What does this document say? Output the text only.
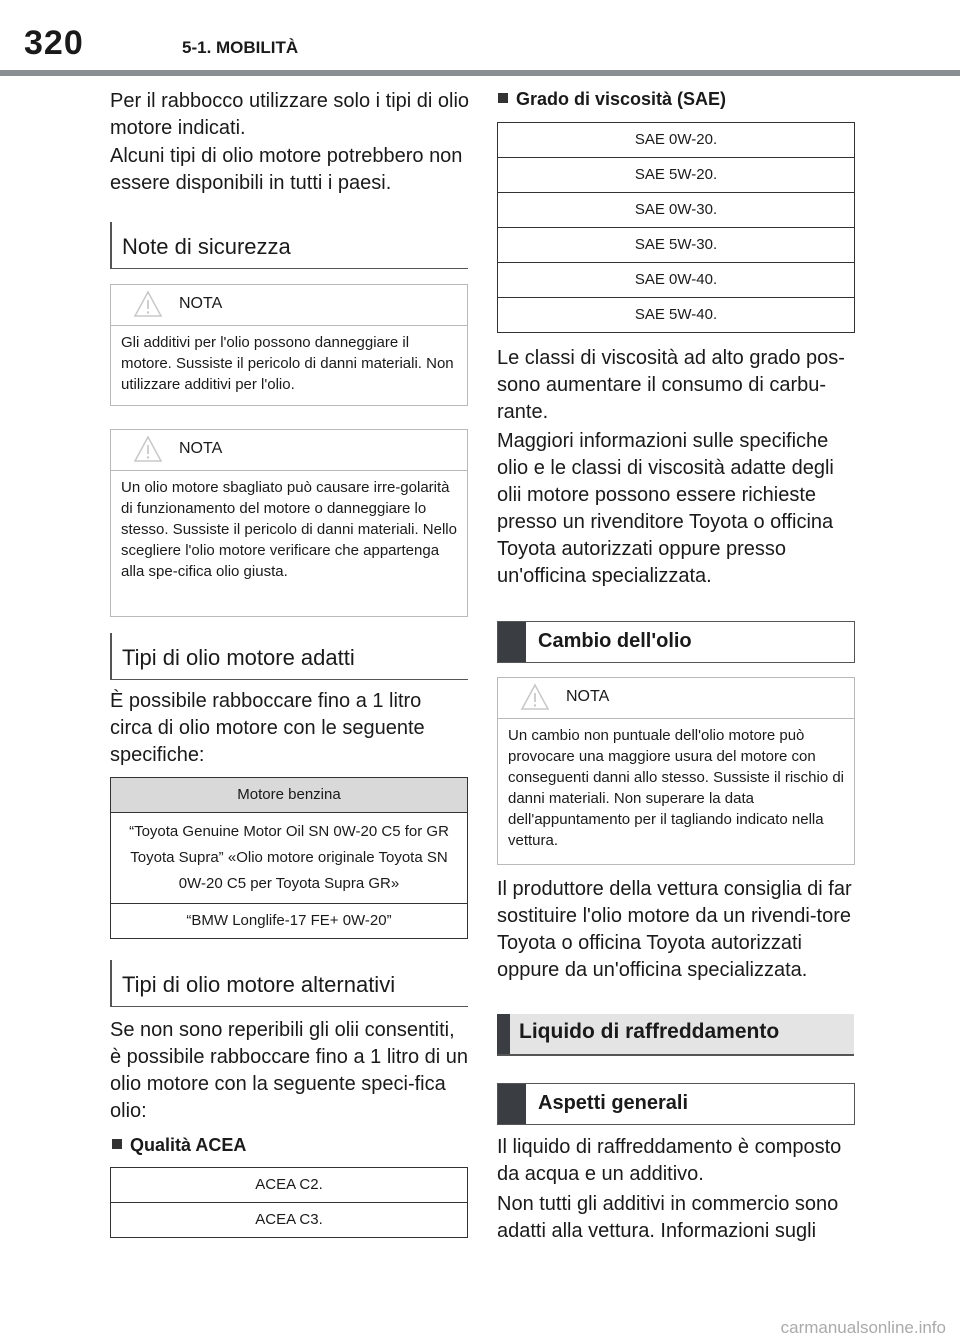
320	5-1. MOBILITÀ
Per il rabbocco utilizzare solo i tipi di olio motore indicati.
Alcuni tipi di olio motore potrebbero non essere disponibili in tutti i paesi.
Note di sicurezza
NOTA
Gli additivi per l'olio possono danneggiare il motore. Sussiste il pericolo di danni materiali. Non utilizzare additivi per l'olio.
NOTA
Un olio motore sbagliato può causare irre-golarità di funzionamento del motore o danneggiare lo stesso. Sussiste il pericolo di danni materiali. Nello scegliere l'olio motore verificare che appartenga alla spe-cifica olio giusta.
Tipi di olio motore adatti
È possibile rabboccare fino a 1 litro circa di olio motore con le seguente specifiche:
Motore benzina
“Toyota Genuine Motor Oil SN 0W-20 C5 for GR Toyota Supra” «Olio motore originale Toyota SN 0W-20 C5 per Toyota Supra GR»
“BMW Longlife-17 FE+ 0W-20”
Tipi di olio motore alternativi
Se non sono reperibili gli olii consentiti, è possibile rabboccare fino a 1 litro di un olio motore con la seguente speci-fica olio:
Qualità ACEA
ACEA C2.
ACEA C3.
Grado di viscosità (SAE)
SAE 0W-20.
SAE 5W-20.
SAE 0W-30.
SAE 5W-30.
SAE 0W-40.
SAE 5W-40.
Le classi di viscosità ad alto grado pos-sono aumentare il consumo di carbu-rante.
Maggiori informazioni sulle specifiche olio e le classi di viscosità adatte degli olii motore possono essere richieste presso un rivenditore Toyota o officina Toyota autorizzati oppure presso un'officina specializzata.
Cambio dell'olio
NOTA
Un cambio non puntuale dell'olio motore può provocare una maggiore usura del motore con conseguenti danni allo stesso. Sussiste il rischio di danni materiali. Non superare la data dell'appuntamento per il tagliando indicato nella vettura.
Il produttore della vettura consiglia di far sostituire l'olio motore da un rivendi-tore Toyota o officina Toyota autorizzati oppure da un'officina specializzata.
Liquido di raffreddamento
Aspetti generali
Il liquido di raffreddamento è composto da acqua e un additivo.
Non tutti gli additivi in commercio sono adatti alla vettura. Informazioni sugli
carmanualsonline.info
